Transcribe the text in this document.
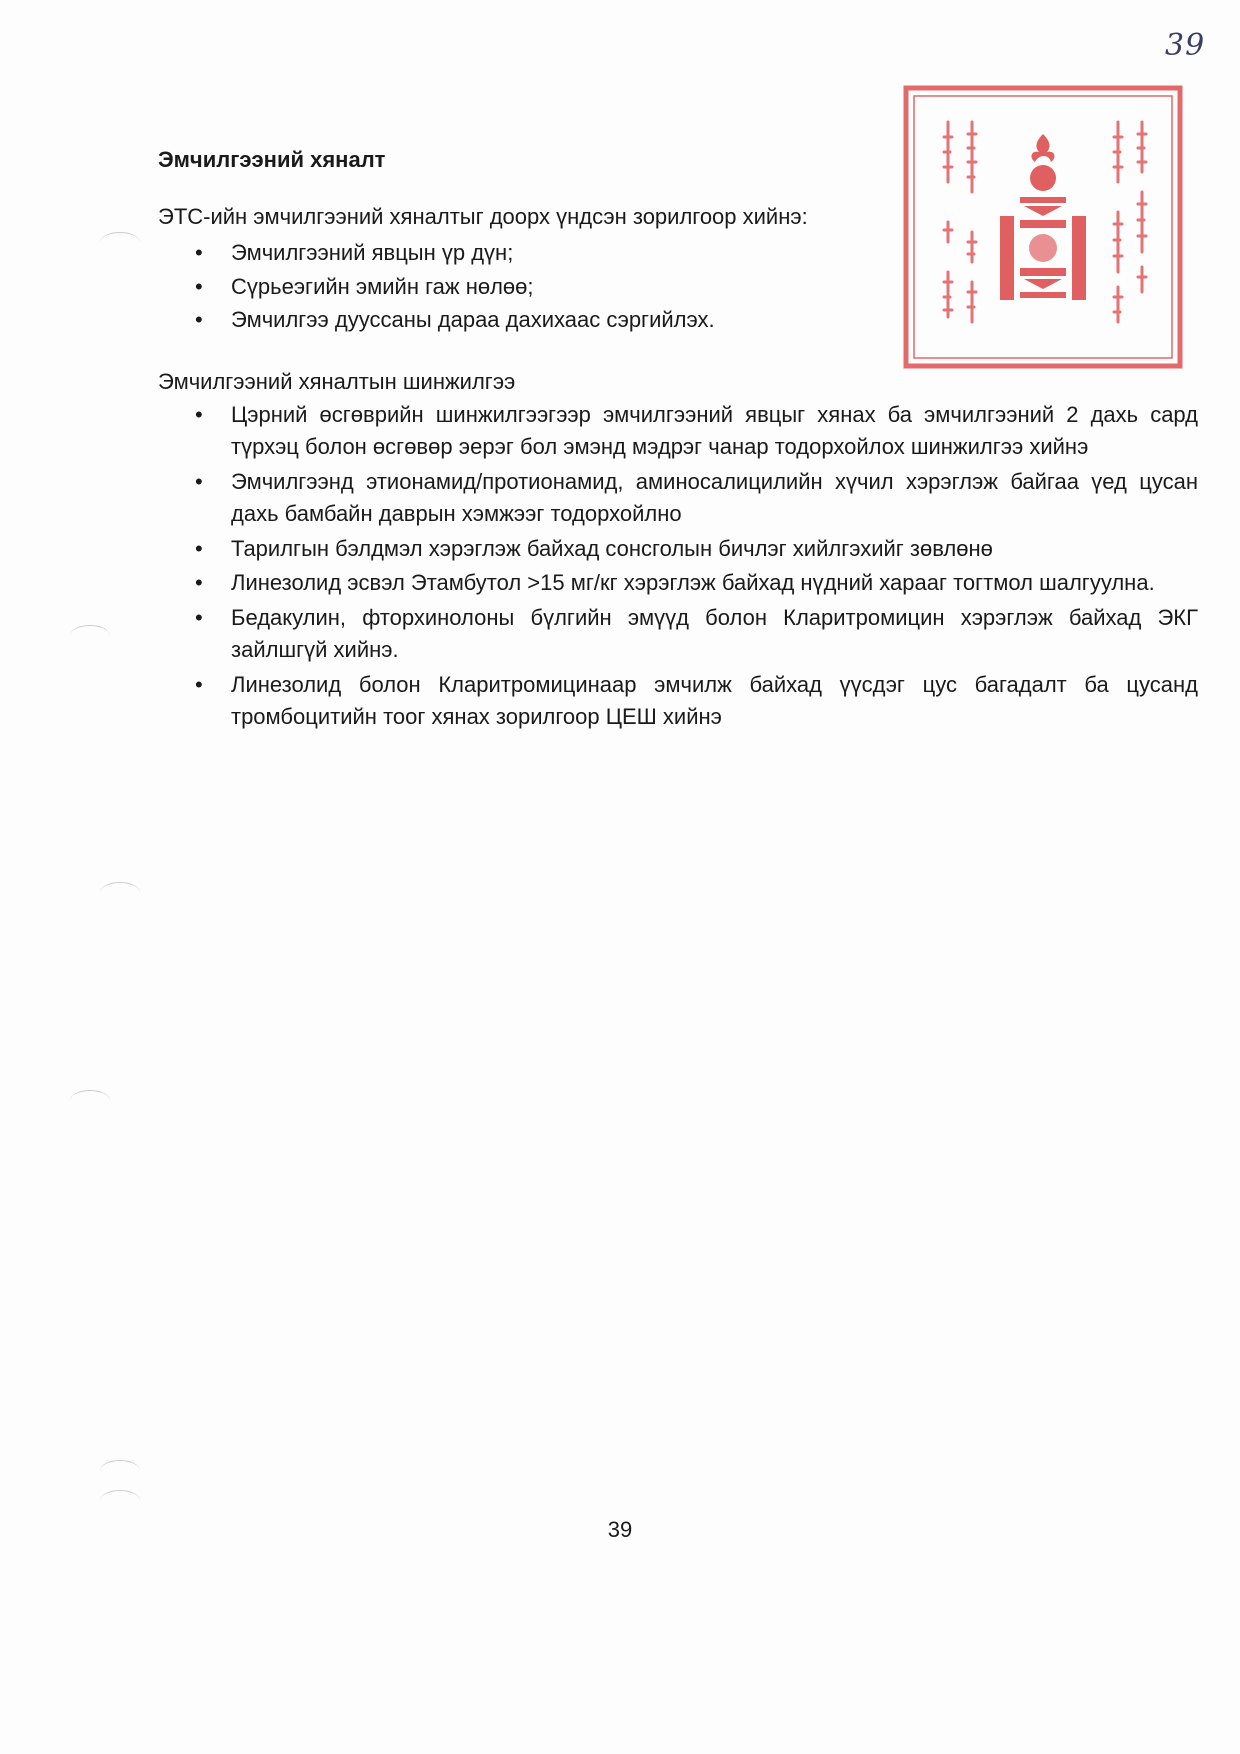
39
Эмчилгээний хяналт

ЭТС-ийн эмчилгээний хяналтыг доорх үндсэн зорилгоор хийнэ:

• Эмчилгээний явцын үр дүн;
• Сүрьеэгийн эмийн гаж нөлөө;
• Эмчилгээ дууссаны дараа дахихаас сэргийлэх.

Эмчилгээний хяналтын шинжилгээ

• Цэрний өсгөврийн шинжилгээгээр эмчилгээний явцыг хянах ба эмчилгээний 2 дахь сард түрхэц болон өсгөвөр эерэг бол эмэнд мэдрэг чанар тодорхойлох шинжилгээ хийнэ
• Эмчилгээнд этионамид/протионамид, аминосалицилийн хүчил хэрэглэж байгаа үед цусан дахь бамбайн даврын хэмжээг тодорхойлно
• Тарилгын бэлдмэл хэрэглэж байхад сонсголын бичлэг хийлгэхийг зөвлөнө
• Линезолид эсвэл Этамбутол >15 мг/кг хэрэглэж байхад нүдний харааг тогтмол шалгуулна.
• Бедакулин, фторхинолоны бүлгийн эмүүд болон Кларитромицин хэрэглэж байхад ЭКГ зайлшгүй хийнэ.
• Линезолид болон Кларитромицинаар эмчилж байхад үүсдэг цус багадалт ба цусанд тромбоцитийн тоог хянах зорилгоор ЦЕШ хийнэ
39
